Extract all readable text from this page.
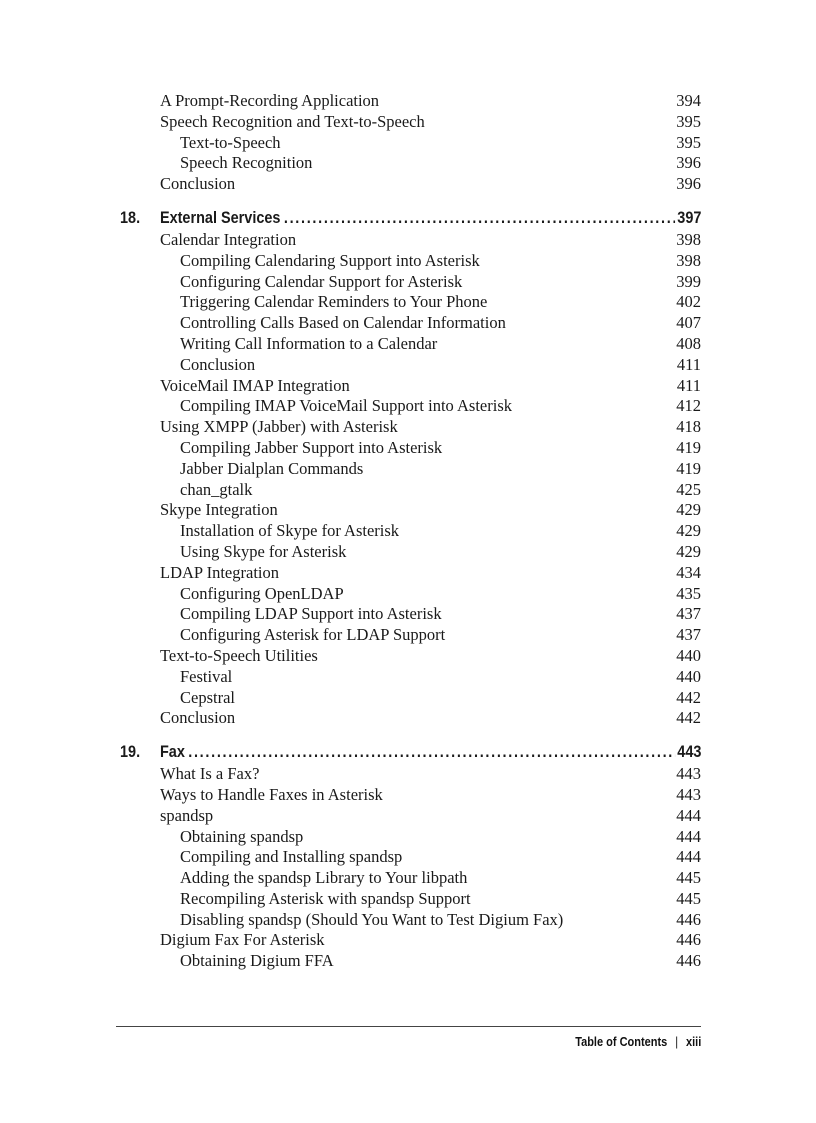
A Prompt-Recording Application	394
Speech Recognition and Text-to-Speech	395
Text-to-Speech	395
Speech Recognition	396
Conclusion	396
18. External Services .....	397
Calendar Integration	398
Compiling Calendaring Support into Asterisk	398
Configuring Calendar Support for Asterisk	399
Triggering Calendar Reminders to Your Phone	402
Controlling Calls Based on Calendar Information	407
Writing Call Information to a Calendar	408
Conclusion	411
VoiceMail IMAP Integration	411
Compiling IMAP VoiceMail Support into Asterisk	412
Using XMPP (Jabber) with Asterisk	418
Compiling Jabber Support into Asterisk	419
Jabber Dialplan Commands	419
chan_gtalk	425
Skype Integration	429
Installation of Skype for Asterisk	429
Using Skype for Asterisk	429
LDAP Integration	434
Configuring OpenLDAP	435
Compiling LDAP Support into Asterisk	437
Configuring Asterisk for LDAP Support	437
Text-to-Speech Utilities	440
Festival	440
Cepstral	442
Conclusion	442
19. Fax .....	443
What Is a Fax?	443
Ways to Handle Faxes in Asterisk	443
spandsp	444
Obtaining spandsp	444
Compiling and Installing spandsp	444
Adding the spandsp Library to Your libpath	445
Recompiling Asterisk with spandsp Support	445
Disabling spandsp (Should You Want to Test Digium Fax)	446
Digium Fax For Asterisk	446
Obtaining Digium FFA	446
Table of Contents | xiii
